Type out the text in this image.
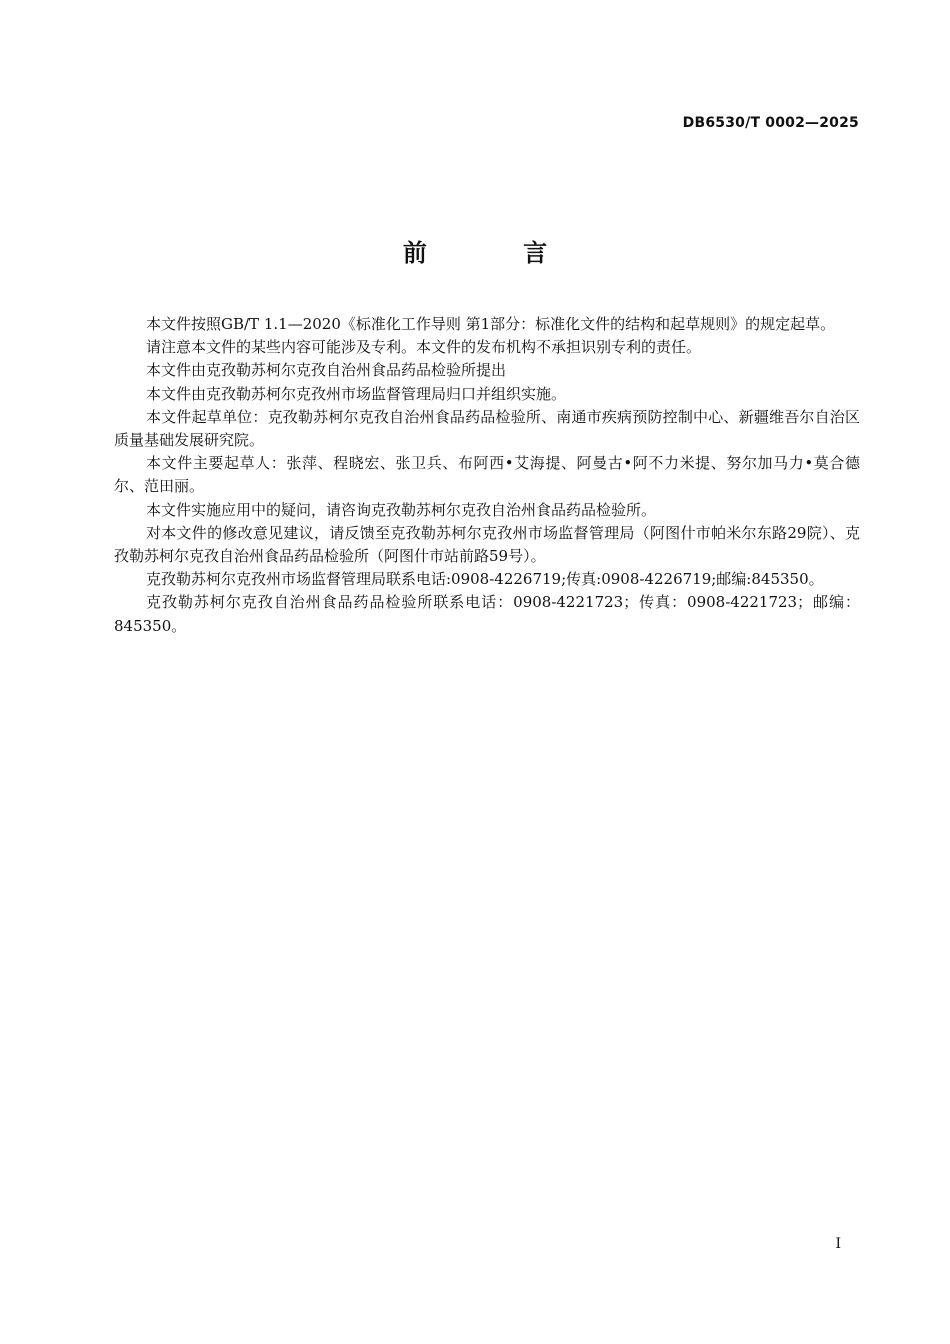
DB6530/T 0002—2025
前 言

本文件按照GB/T 1.1—2020《标准化工作导则 第1部分：标准化文件的结构和起草规则》的规定起草。

请注意本文件的某些内容可能涉及专利。本文件的发布机构不承担识别专利的责任。

本文件由克孜勒苏柯尔克孜自治州食品药品检验所提出

本文件由克孜勒苏柯尔克孜州市场监督管理局归口并组织实施。

本文件起草单位：克孜勒苏柯尔克孜自治州食品药品检验所、南通市疾病预防控制中心、新疆维吾尔自治区质量基础发展研究院。

本文件主要起草人：张萍、程晓宏、张卫兵、布阿西•艾海提、阿曼古•阿不力米提、努尔加马力•莫合德尔、范田丽。

本文件实施应用中的疑问，请咨询克孜勒苏柯尔克孜自治州食品药品检验所。

对本文件的修改意见建议，请反馈至克孜勒苏柯尔克孜州市场监督管理局（阿图什市帕米尔东路29院）、克孜勒苏柯尔克孜自治州食品药品检验所（阿图什市站前路59号）。

克孜勒苏柯尔克孜州市场监督管理局联系电话:0908-4226719;传真:0908-4226719;邮编:845350。

克孜勒苏柯尔克孜自治州食品药品检验所联系电话：0908-4221723；传真：0908-4221723；邮编：845350。

I
